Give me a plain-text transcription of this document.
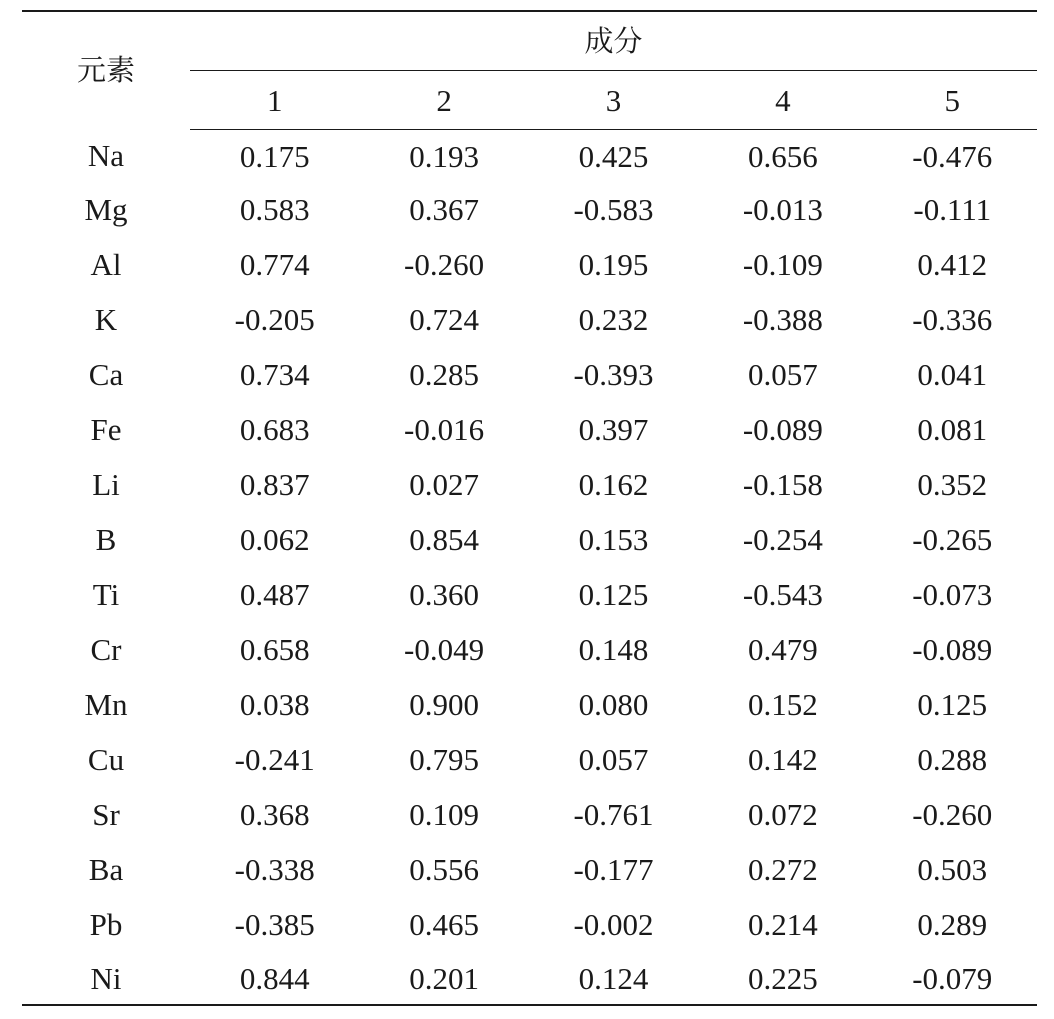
元素	成分				
	1	2	3	4	5
Na	0.175	0.193	0.425	0.656	-0.476
Mg	0.583	0.367	-0.583	-0.013	-0.111
Al	0.774	-0.260	0.195	-0.109	0.412
K	-0.205	0.724	0.232	-0.388	-0.336
Ca	0.734	0.285	-0.393	0.057	0.041
Fe	0.683	-0.016	0.397	-0.089	0.081
Li	0.837	0.027	0.162	-0.158	0.352
B	0.062	0.854	0.153	-0.254	-0.265
Ti	0.487	0.360	0.125	-0.543	-0.073
Cr	0.658	-0.049	0.148	0.479	-0.089
Mn	0.038	0.900	0.080	0.152	0.125
Cu	-0.241	0.795	0.057	0.142	0.288
Sr	0.368	0.109	-0.761	0.072	-0.260
Ba	-0.338	0.556	-0.177	0.272	0.503
Pb	-0.385	0.465	-0.002	0.214	0.289
Ni	0.844	0.201	0.124	0.225	-0.079
